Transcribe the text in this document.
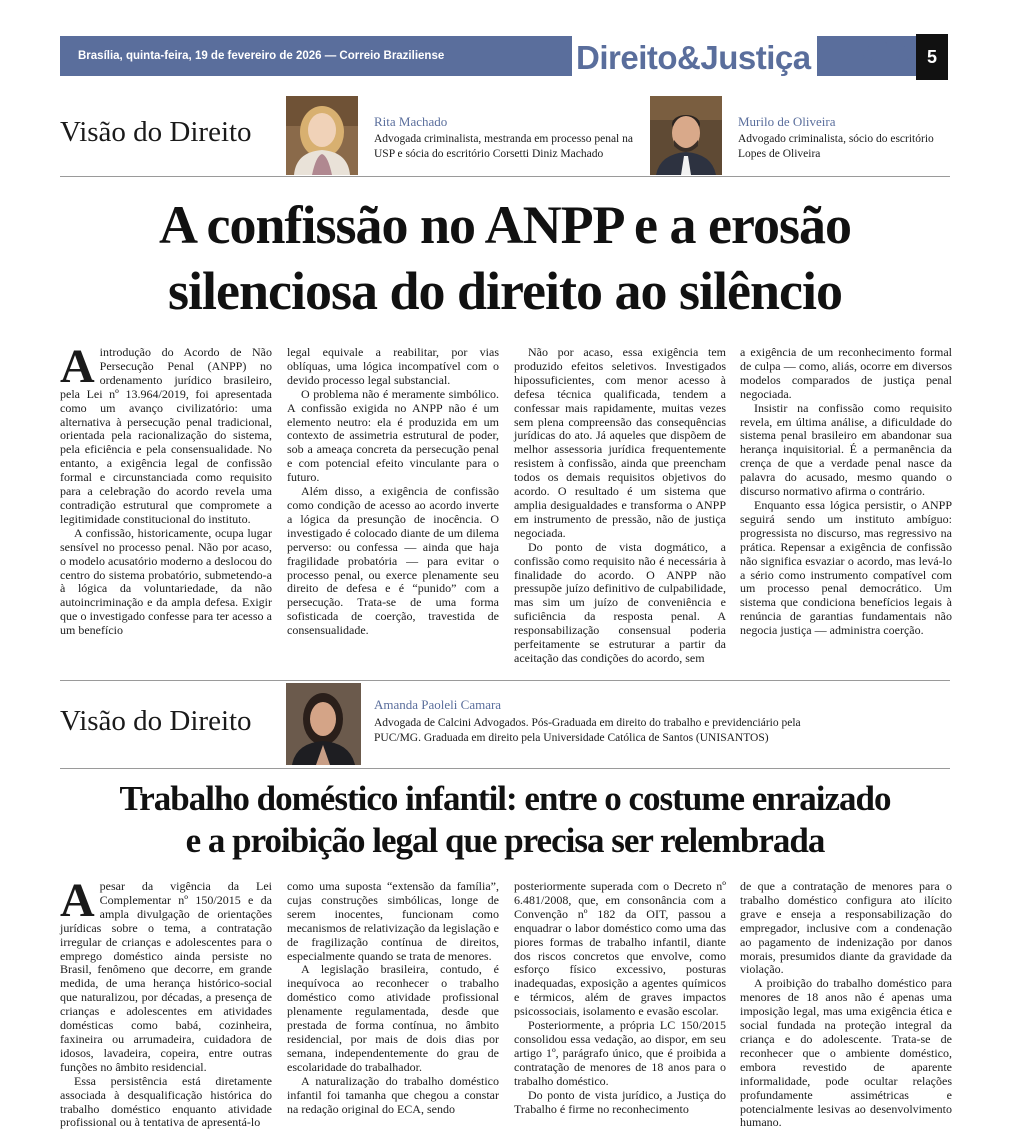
Brasília, quinta-feira, 19 de fevereiro de 2026 — Correio Braziliense	Direito&Justiça	5
Visão do Direito	Rita Machado
Advogada criminalista, mestranda em processo penal na USP e sócia do escritório Corsetti Diniz Machado
Murilo de Oliveira
Advogado criminalista, sócio do escritório Lopes de Oliveira
A confissão no ANPP e a erosão
silenciosa do direito ao silêncio
A introdução do Acordo de Não Persecução Penal (ANPP) no ordenamento jurídico brasileiro, pela Lei nº 13.964/2019, foi apresentada como um avanço civilizatório: uma alternativa à persecução penal tradicional, orientada pela racionalização do sistema, pela eficiência e pela consensualidade. No entanto, a exigência legal de confissão formal e circunstanciada como requisito para a celebração do acordo revela uma contradição estrutural que compromete a legitimidade constitucional do instituto.

A confissão, historicamente, ocupa lugar sensível no processo penal. Não por acaso, o modelo acusatório moderno a deslocou do centro do sistema probatório, submetendo-a à lógica da voluntariedade, da não autoincriminação e da ampla defesa. Exigir que o investigado confesse para ter acesso a um benefício

legal equivale a reabilitar, por vias oblíquas, uma lógica incompatível com o devido processo legal substancial.

O problema não é meramente simbólico. A confissão exigida no ANPP não é um elemento neutro: ela é produzida em um contexto de assimetria estrutural de poder, sob a ameaça concreta da persecução penal e com potencial efeito vinculante para o futuro.

Além disso, a exigência de confissão como condição de acesso ao acordo inverte a lógica da presunção de inocência. O investigado é colocado diante de um dilema perverso: ou confessa — ainda que haja fragilidade probatória — para evitar o processo penal, ou exerce plenamente seu direito de defesa e é “punido” com a persecução. Trata-se de uma forma sofisticada de coerção, travestida de consensualidade.

Não por acaso, essa exigência tem produzido efeitos seletivos. Investigados hipossuficientes, com menor acesso à defesa técnica qualificada, tendem a confessar mais rapidamente, muitas vezes sem plena compreensão das consequências jurídicas do ato. Já aqueles que dispõem de melhor assessoria jurídica frequentemente resistem à confissão, ainda que preencham todos os demais requisitos objetivos do acordo. O resultado é um sistema que amplia desigualdades e transforma o ANPP em instrumento de pressão, não de justiça negociada.

Do ponto de vista dogmático, a confissão como requisito não é necessária à finalidade do acordo. O ANPP não pressupõe juízo definitivo de culpabilidade, mas sim um juízo de conveniência e suficiência da resposta penal. A responsabilização consensual poderia perfeitamente se estruturar a partir da aceitação das condições do acordo, sem

a exigência de um reconhecimento formal de culpa — como, aliás, ocorre em diversos modelos comparados de justiça penal negociada.

Insistir na confissão como requisito revela, em última análise, a dificuldade do sistema penal brasileiro em abandonar sua herança inquisitorial. É a permanência da crença de que a verdade penal nasce da palavra do acusado, mesmo quando o discurso normativo afirma o contrário.

Enquanto essa lógica persistir, o ANPP seguirá sendo um instituto ambíguo: progressista no discurso, mas regressivo na prática. Repensar a exigência de confissão não significa esvaziar o acordo, mas levá-lo a sério como instrumento compatível com um processo penal democrático. Um sistema que condiciona benefícios legais à renúncia de garantias fundamentais não negocia justiça — administra coerção.

Visão do Direito
Amanda Paoleli Camara
Advogada de Calcini Advogados. Pós-Graduada em direito do trabalho e previdenciário pela PUC/MG. Graduada em direito pela Universidade Católica de Santos (UNISANTOS)
Trabalho doméstico infantil: entre o costume enraizado
e a proibição legal que precisa ser relembrada
A pesar da vigência da Lei Complementar nº 150/2015 e da ampla divulgação de orientações jurídicas sobre o tema, a contratação irregular de crianças e adolescentes para o emprego doméstico ainda persiste no Brasil, fenômeno que decorre, em grande medida, de uma herança histórico-social que naturalizou, por décadas, a presença de crianças e adolescentes em atividades domésticas como babá, cozinheira, faxineira ou arrumadeira, cuidadora de idosos, lavadeira, copeira, entre outras funções no âmbito residencial.

Essa persistência está diretamente associada à desqualificação histórica do trabalho doméstico enquanto atividade profissional ou à tentativa de apresentá-lo

como uma suposta “extensão da família”, cujas construções simbólicas, longe de serem inocentes, funcionam como mecanismos de relativização da legislação e de fragilização contínua de direitos, especialmente quando se trata de menores.

A legislação brasileira, contudo, é inequívoca ao reconhecer o trabalho doméstico como atividade profissional plenamente regulamentada, desde que prestada de forma contínua, no âmbito residencial, por mais de dois dias por semana, independentemente do grau de escolaridade do trabalhador.

A naturalização do trabalho doméstico infantil foi tamanha que chegou a constar na redação original do ECA, sendo

posteriormente superada com o Decreto nº 6.481/2008, que, em consonância com a Convenção nº 182 da OIT, passou a enquadrar o labor doméstico como uma das piores formas de trabalho infantil, diante dos riscos concretos que envolve, como esforço físico excessivo, posturas inadequadas, exposição a agentes químicos e térmicos, além de graves impactos psicossociais, isolamento e evasão escolar.

Posteriormente, a própria LC 150/2015 consolidou essa vedação, ao dispor, em seu artigo 1º, parágrafo único, que é proibida a contratação de menores de 18 anos para o trabalho doméstico.

Do ponto de vista jurídico, a Justiça do Trabalho é firme no reconhecimento

de que a contratação de menores para o trabalho doméstico configura ato ilícito grave e enseja a responsabilização do empregador, inclusive com a condenação ao pagamento de indenização por danos morais, presumidos diante da gravidade da violação.

A proibição do trabalho doméstico para menores de 18 anos não é apenas uma imposição legal, mas uma exigência ética e social fundada na proteção integral da criança e do adolescente. Trata-se de reconhecer que o ambiente doméstico, embora revestido de aparente informalidade, pode ocultar relações profundamente assimétricas e potencialmente lesivas ao desenvolvimento humano.
